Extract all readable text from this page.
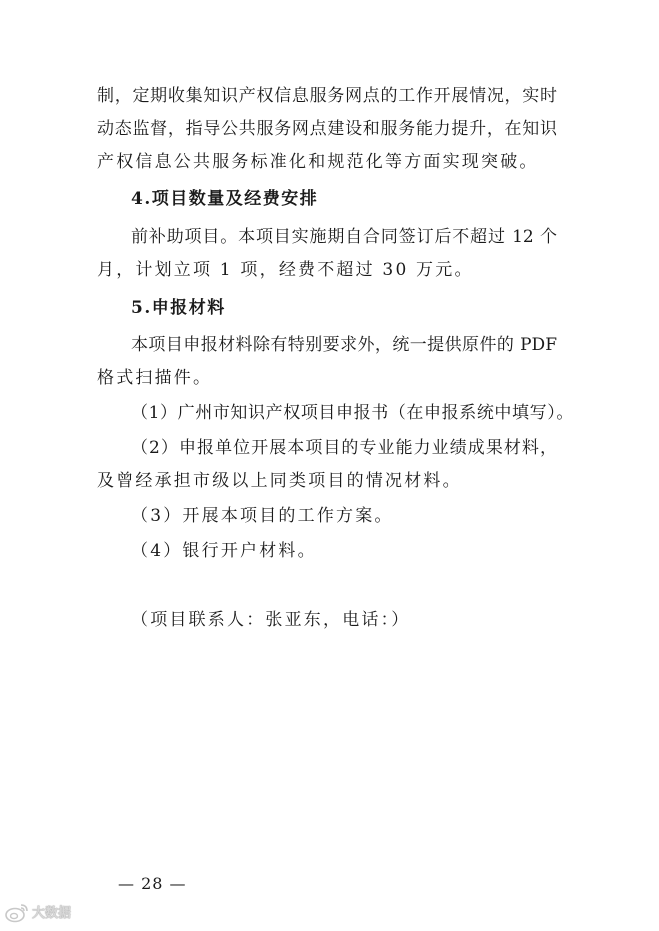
制，定期收集知识产权信息服务网点的工作开展情况，实时
动态监督，指导公共服务网点建设和服务能力提升，在知识
产权信息公共服务标准化和规范化等方面实现突破。
4.项目数量及经费安排
前补助项目。本项目实施期自合同签订后不超过 12 个
月，计划立项 1 项，经费不超过 30 万元。
5.申报材料
本项目申报材料除有特别要求外，统一提供原件的 PDF
格式扫描件。
（1）广州市知识产权项目申报书（在申报系统中填写）。
（2）申报单位开展本项目的专业能力业绩成果材料，
及曾经承担市级以上同类项目的情况材料。
（3）开展本项目的工作方案。
（4）银行开户材料。
（项目联系人：张亚东，电话：）
— 28 —
大数据
